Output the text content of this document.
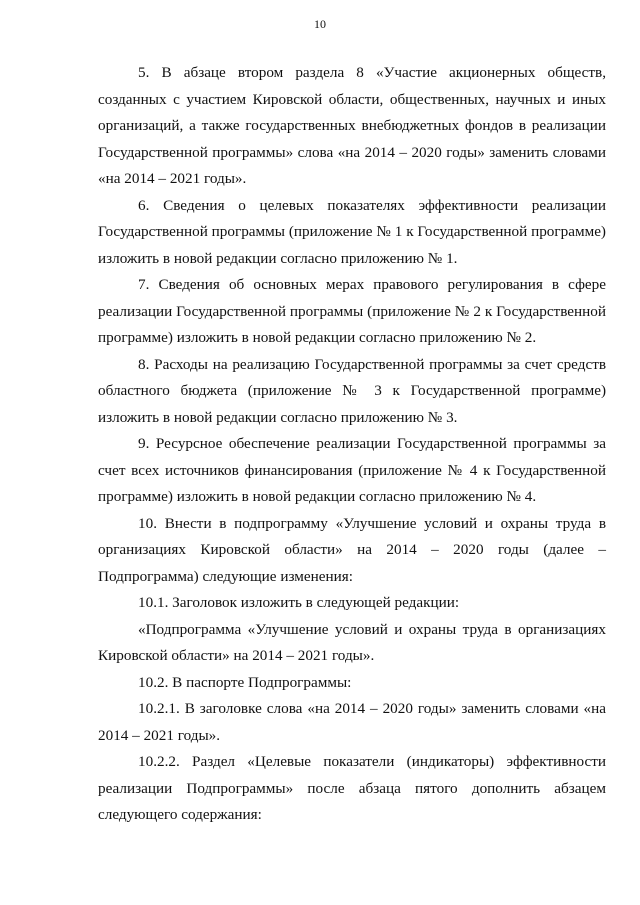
10

5. В абзаце втором раздела 8 «Участие акционерных обществ, созданных с участием Кировской области, общественных, научных и иных организаций, а также государственных внебюджетных фондов в реализации Государственной программы» слова «на 2014 – 2020 годы» заменить словами «на 2014 – 2021 годы».

6. Сведения о целевых показателях эффективности реализации Государственной программы (приложение № 1 к Государственной программе) изложить в новой редакции согласно приложению № 1.

7. Сведения об основных мерах правового регулирования в сфере реализации Государственной программы (приложение № 2 к Государственной программе) изложить в новой редакции согласно приложению № 2.

8. Расходы на реализацию Государственной программы за счет средств областного бюджета (приложение № 3 к Государственной программе) изложить в новой редакции согласно приложению № 3.

9. Ресурсное обеспечение реализации Государственной программы за счет всех источников финансирования (приложение № 4 к Государственной программе) изложить в новой редакции согласно приложению № 4.

10. Внести в подпрограмму «Улучшение условий и охраны труда в организациях Кировской области» на 2014 – 2020 годы (далее – Подпрограмма) следующие изменения:

10.1. Заголовок изложить в следующей редакции:

«Подпрограмма «Улучшение условий и охраны труда в организациях Кировской области» на 2014 – 2021 годы».

10.2. В паспорте Подпрограммы:

10.2.1. В заголовке слова «на 2014 – 2020 годы» заменить словами «на 2014 – 2021 годы».

10.2.2. Раздел «Целевые показатели (индикаторы) эффективности реализации Подпрограммы» после абзаца пятого дополнить абзацем следующего содержания:
